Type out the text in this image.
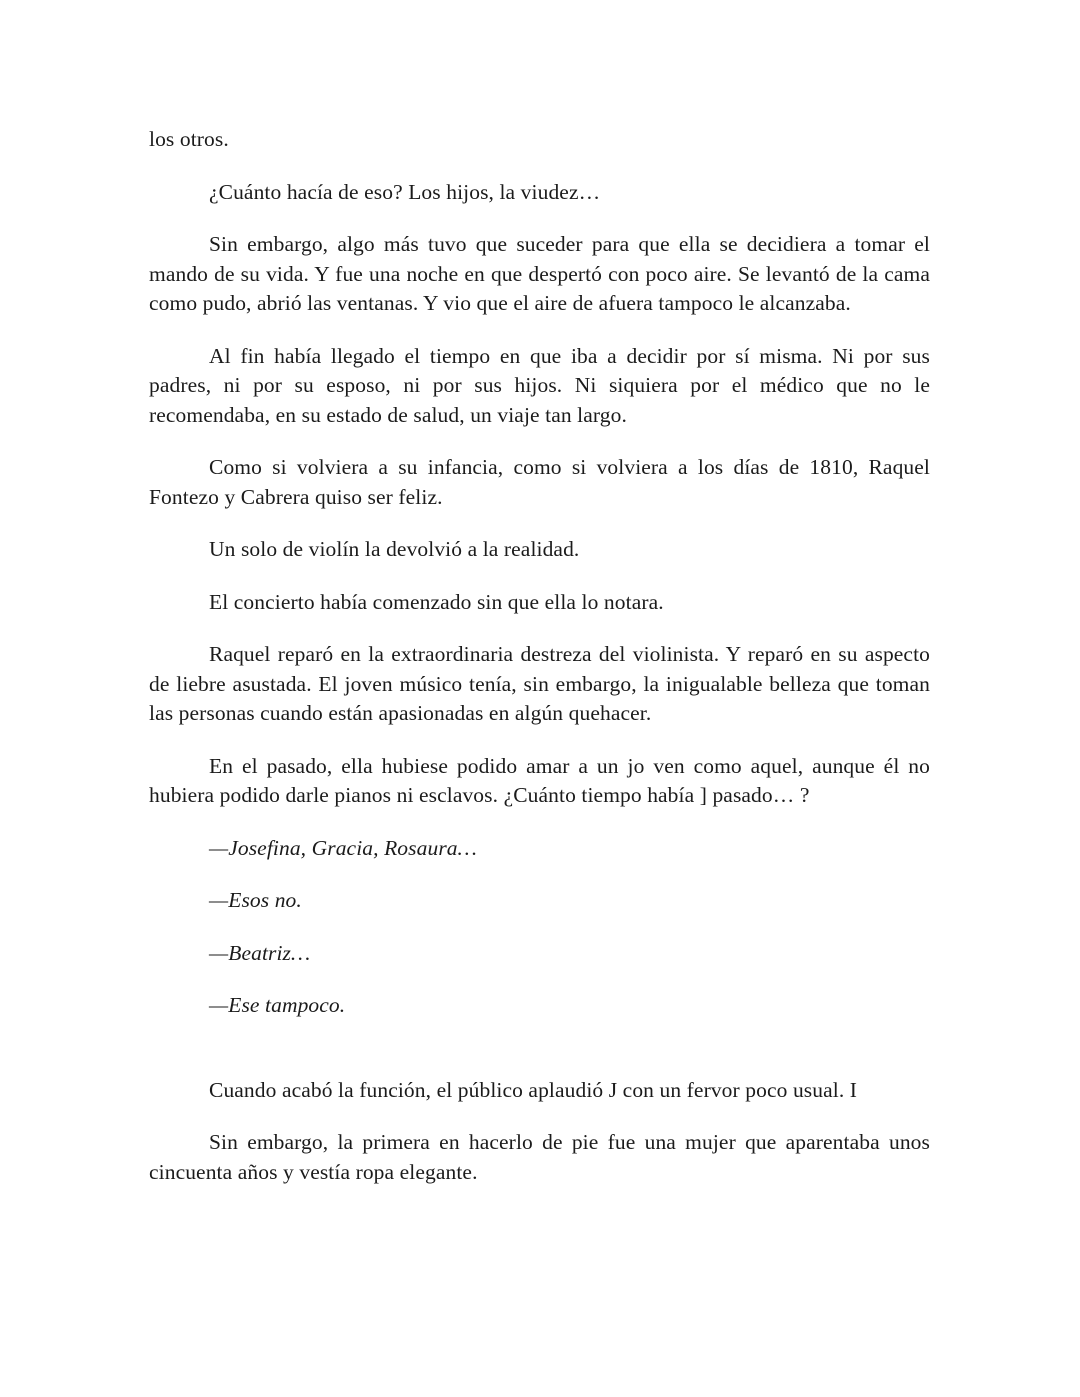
los otros.

¿Cuánto hacía de eso? Los hijos, la viudez…

Sin embargo, algo más tuvo que suceder para que ella se decidiera a tomar el mando de su vida. Y fue una noche en que despertó con poco aire. Se levantó de la cama como pudo, abrió las ventanas. Y vio que el aire de afuera tampoco le alcanzaba.

Al fin había llegado el tiempo en que iba a decidir por sí misma. Ni por sus padres, ni por su esposo, ni por sus hijos. Ni siquiera por el médico que no le recomendaba, en su estado de salud, un viaje tan largo.

Como si volviera a su infancia, como si volviera a los días de 1810, Raquel Fontezo y Cabrera quiso ser feliz.

Un solo de violín la devolvió a la realidad.

El concierto había comenzado sin que ella lo notara.

Raquel reparó en la extraordinaria destreza del violinista. Y reparó en su aspecto de liebre asustada. El joven músico tenía, sin embargo, la inigualable belleza que toman las personas cuando están apasionadas en algún quehacer.

En el pasado, ella hubiese podido amar a un jo ven como aquel, aunque él no hubiera podido darle pianos ni esclavos. ¿Cuánto tiempo había ] pasado… ?

—Josefina, Gracia, Rosaura…

—Esos no.

—Beatriz…

—Ese tampoco.

Cuando acabó la función, el público aplaudió J con un fervor poco usual. I

Sin embargo, la primera en hacerlo de pie fue una mujer que aparentaba unos cincuenta años y vestía ropa elegante.
